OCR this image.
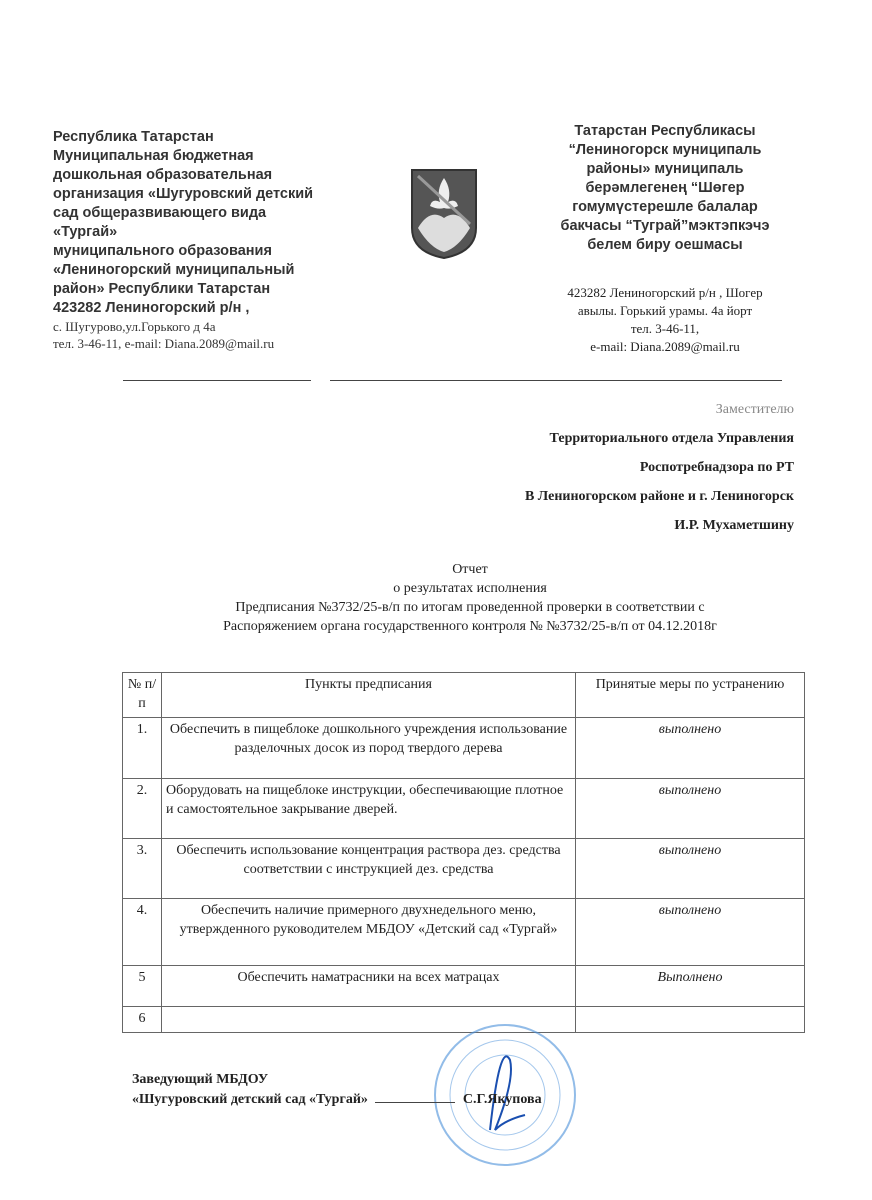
Республика Татарстан
Муниципальная бюджетная
дошкольная образовательная
организация «Шугуровский детский
сад общеразвивающего вида
«Тургай»
муниципального образования
«Лениногорский муниципальный
район» Республики Татарстан
423282 Лениногорский р/н ,
с. Шугурово,ул.Горького д 4а
тел. 3-46-11, e-mail: Diana.2089@mail.ru
Татарстан Республикасы
“Лениногорск муниципаль
районы» муниципаль
берəмлегенең “Шөгер
гомумүстерешле балалар
бакчасы “Туграй”мэктэпкэчэ
белем биру оешмасы
423282 Лениногорский р/н , Шогер
авылы. Горький урамы. 4а йорт
тел. 3-46-11,
e-mail: Diana.2089@mail.ru
Заместителю
Территориального отдела Управления
Роспотребнадзора по РТ
В Лениногорском районе и г. Лениногорск
И.Р. Мухаметшину
Отчет
о результатах исполнения
Предписания №3732/25-в/п по итогам проведенной проверки в соответствии с
Распоряжением органа государственного контроля № №3732/25-в/п от 04.12.2018г
№ п/п	Пункты предписания	Принятые меры по устранению
1.	Обеспечить в пищеблоке дошкольного учреждения использование разделочных досок из пород твердого дерева	выполнено
2.	Оборудовать на пищеблоке инструкции, обеспечивающие плотное и самостоятельное закрывание дверей.	выполнено
3.	Обеспечить использование концентрация раствора дез. средства соответствии с инструкцией дез. средства	выполнено
4.	Обеспечить наличие примерного двухнедельного меню, утвержденного руководителем МБДОУ «Детский сад «Тургай»	выполнено
5	Обеспечить наматрасники на всех матрацах	Выполнено
6		
Заведующий МБДОУ
«Шугуровский детский сад «Тургай»	С.Г.Якупова
